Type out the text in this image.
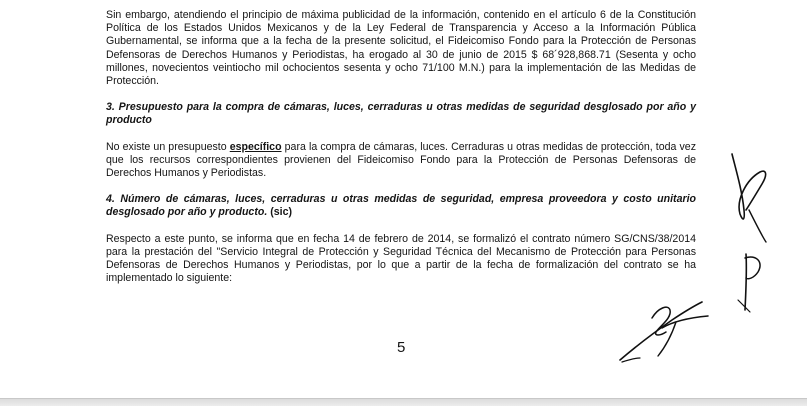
Sin embargo, atendiendo el principio de máxima publicidad de la información, contenido en el artículo 6 de la Constitución Política de los Estados Unidos Mexicanos y de la Ley Federal de Transparencia y Acceso a la Información Pública Gubernamental, se informa que a la fecha de la presente solicitud, el Fideicomiso Fondo para la Protección de Personas Defensoras de Derechos Humanos y Periodistas, ha erogado al 30 de junio de 2015 $ 68´928,868.71 (Sesenta y ocho millones, novecientos veintiocho mil ochocientos sesenta y ocho 71/100 M.N.) para la implementación de las Medidas de Protección.

3. Presupuesto para la compra de cámaras, luces, cerraduras u otras medidas de seguridad desglosado por año y producto

No existe un presupuesto específico para la compra de cámaras, luces. Cerraduras u otras medidas de protección, toda vez que los recursos correspondientes provienen del Fideicomiso Fondo para la Protección de Personas Defensoras de Derechos Humanos y Periodistas.

4. Número de cámaras, luces, cerraduras u otras medidas de seguridad, empresa proveedora y costo unitario desglosado por año y producto. (sic)

Respecto a este punto, se informa que en fecha 14 de febrero de 2014, se formalizó el contrato número SG/CNS/38/2014 para la prestación del "Servicio Integral de Protección y Seguridad Técnica del Mecanismo de Protección para Personas Defensoras de Derechos Humanos y Periodistas, por lo que a partir de la fecha de formalización del contrato se ha implementado lo siguiente:

5
